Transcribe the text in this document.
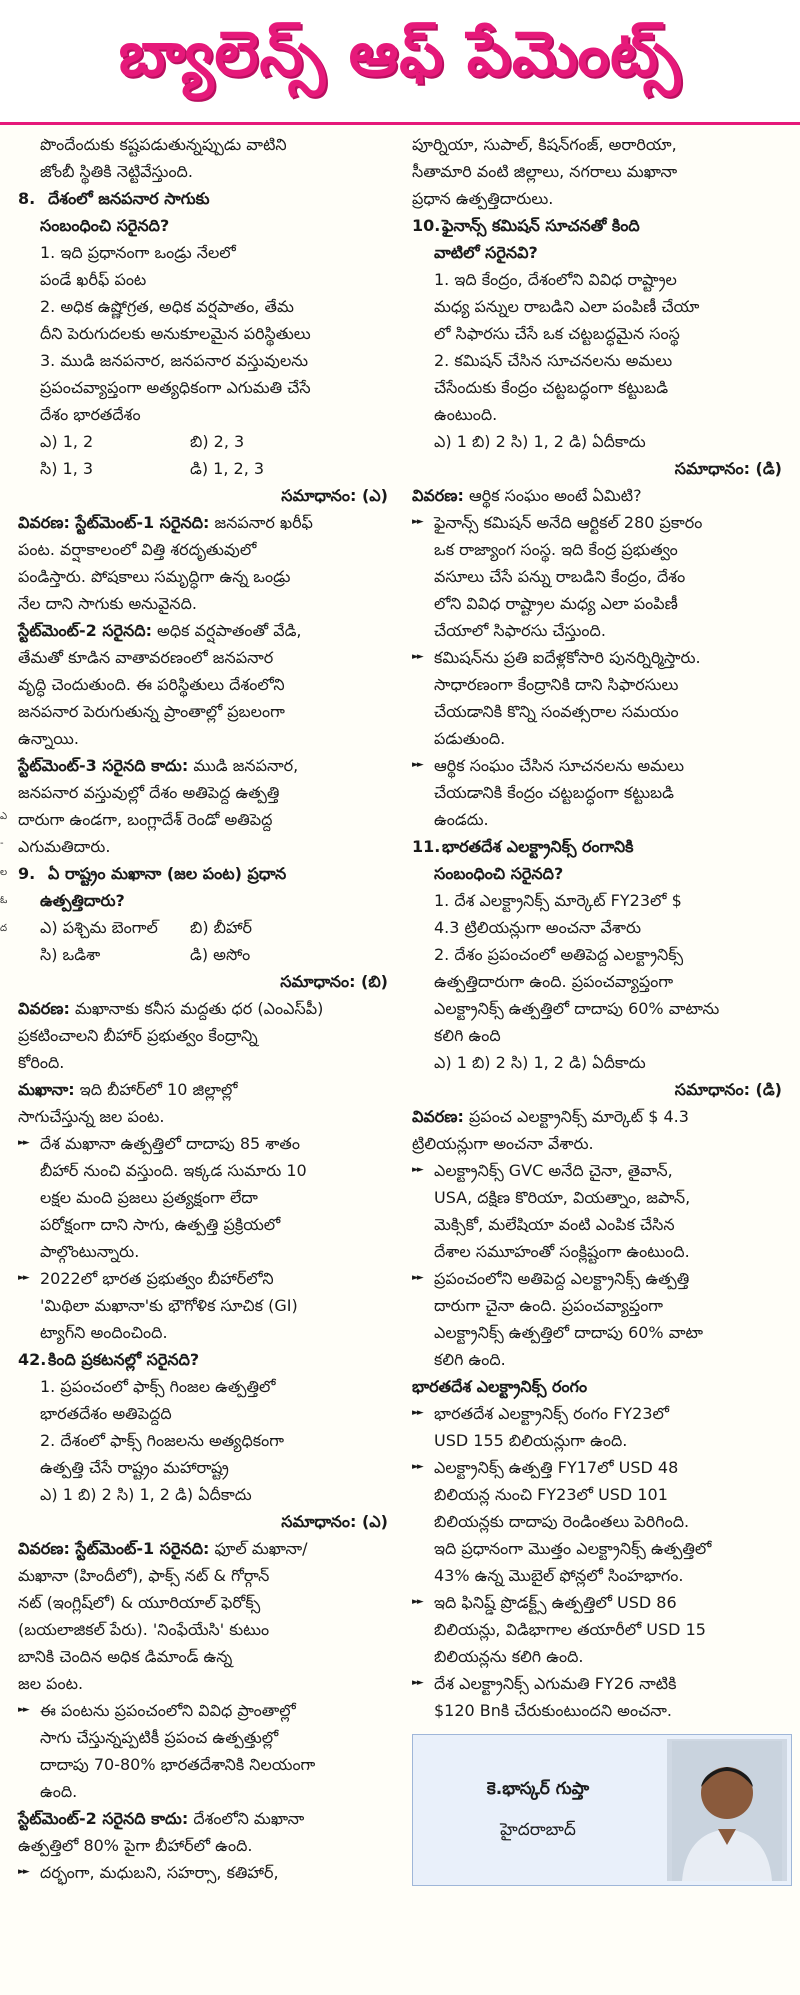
బ్యాలెన్స్ ఆఫ్ పేమెంట్స్
ఎ
-
ల
ఓ
ద

పొందేందుకు కష్టపడుతున్నప్పుడు వాటిని

జోంబీ స్థితికి నెట్టివేస్తుంది.

8. దేశంలో జనపనార సాగుకు

సంబంధించి సరైనది?

1. ఇది ప్రధానంగా ఒండ్రు నేలలో

పండే ఖరీఫ్ పంట

2. అధిక ఉష్ణోగ్రత, అధిక వర్షపాతం, తేమ

దీని పెరుగుదలకు అనుకూలమైన పరిస్థితులు

3. ముడి జనపనార, జనపనార వస్తువులను

ప్రపంచవ్యాప్తంగా అత్యధికంగా ఎగుమతి చేసే

దేశం భారతదేశం

ఎ) 1, 2	బి) 2, 3
సి) 1, 3	డి) 1, 2, 3

సమాధానం: (ఎ)

వివరణ: స్టేట్‌మెంట్-1 సరైనది: జనపనార ఖరీఫ్

పంట. వర్షాకాలంలో విత్తి శరదృతువులో

పండిస్తారు. పోషకాలు సమృద్ధిగా ఉన్న ఒండ్రు

నేల దాని సాగుకు అనువైనది.

స్టేట్‌మెంట్-2 సరైనది: అధిక వర్షపాతంతో వేడి,

తేమతో కూడిన వాతావరణంలో జనపనార

వృద్ధి చెందుతుంది. ఈ పరిస్థితులు దేశంలోని

జనపనార పెరుగుతున్న ప్రాంతాల్లో ప్రబలంగా

ఉన్నాయి.

స్టేట్‌మెంట్-3 సరైనది కాదు: ముడి జనపనార,

జనపనార వస్తువుల్లో దేశం అతిపెద్ద ఉత్పత్తి

దారుగా ఉండగా, బంగ్లాదేశ్ రెండో అతిపెద్ద

ఎగుమతిదారు.

9. ఏ రాష్ట్రం మఖానా (జల పంట) ప్రధాన

ఉత్పత్తిదారు?

ఎ) పశ్చిమ బెంగాల్	బి) బీహార్
సి) ఒడిశా	డి) అసోం

సమాధానం: (బి)

వివరణ: మఖానాకు కనీస మద్దతు ధర (ఎంఎస్‌పీ)

ప్రకటించాలని బీహార్ ప్రభుత్వం కేంద్రాన్ని

కోరింది.

మఖానా: ఇది బీహార్‌లో 10 జిల్లాల్లో

సాగుచేస్తున్న జల పంట.

►► దేశ మఖానా ఉత్పత్తిలో దాదాపు 85 శాతం

బీహార్ నుంచి వస్తుంది. ఇక్కడ సుమారు 10

లక్షల మంది ప్రజలు ప్రత్యక్షంగా లేదా

పరోక్షంగా దాని సాగు, ఉత్పత్తి ప్రక్రియలో

పాల్గొంటున్నారు.

►► 2022లో భారత ప్రభుత్వం బీహార్‌లోని

'మిథిలా మఖానా'కు భౌగోళిక సూచిక (GI)

ట్యాగ్‌ని అందించింది.

42. కింది ప్రకటనల్లో సరైనది?

1. ప్రపంచంలో ఫాక్స్ గింజల ఉత్పత్తిలో

భారతదేశం అతిపెద్దది

2. దేశంలో ఫాక్స్ గింజలను అత్యధికంగా

ఉత్పత్తి చేసే రాష్ట్రం మహారాష్ట్ర

ఎ) 1 బి) 2 సి) 1, 2 డి) ఏదీకాదు

సమాధానం: (ఎ)

వివరణ: స్టేట్‌మెంట్-1 సరైనది: ఫూల్ మఖానా/

మఖానా (హిందీలో), ఫాక్స్ నట్ & గోర్గాన్

నట్ (ఇంగ్లిష్‌లో) & యూరియాల్ ఫెరోక్స్

(బయలాజికల్ పేరు). 'నింఫేయేసి' కుటుం

బానికి చెందిన అధిక డిమాండ్ ఉన్న

జల పంట.

►► ఈ పంటను ప్రపంచంలోని వివిధ ప్రాంతాల్లో

సాగు చేస్తున్నప్పటికీ ప్రపంచ ఉత్పత్తుల్లో

దాదాపు 70-80% భారతదేశానికి నిలయంగా

ఉంది.

స్టేట్‌మెంట్-2 సరైనది కాదు: దేశంలోని మఖానా

ఉత్పత్తిలో 80% పైగా బీహార్‌లో ఉంది.

►► దర్భంగా, మధుబని, సహర్సా, కతిహార్,

పూర్నియా, సుపాల్, కిషన్‌గంజ్, అరారియా,

సీతామారి వంటి జిల్లాలు, నగరాలు మఖానా

ప్రధాన ఉత్పత్తిదారులు.

10. ఫైనాన్స్ కమిషన్ సూచనతో కింది

వాటిలో సరైనవి?

1. ఇది కేంద్రం, దేశంలోని వివిధ రాష్ట్రాల

మధ్య పన్నుల రాబడిని ఎలా పంపిణీ చేయా

లో సిఫారసు చేసే ఒక చట్టబద్ధమైన సంస్థ

2. కమిషన్ చేసిన సూచనలను అమలు

చేసేందుకు కేంద్రం చట్టబద్ధంగా కట్టుబడి

ఉంటుంది.

ఎ) 1 బి) 2 సి) 1, 2 డి) ఏదీకాదు

సమాధానం: (డి)

వివరణ: ఆర్థిక సంఘం అంటే ఏమిటి?

►► ఫైనాన్స్ కమిషన్ అనేది ఆర్టికల్ 280 ప్రకారం

ఒక రాజ్యాంగ సంస్థ. ఇది కేంద్ర ప్రభుత్వం

వసూలు చేసే పన్ను రాబడిని కేంద్రం, దేశం

లోని వివిధ రాష్ట్రాల మధ్య ఎలా పంపిణీ

చేయాలో సిఫారసు చేస్తుంది.

►► కమిషన్‌ను ప్రతి ఐదేళ్లకోసారి పునర్నిర్మిస్తారు.

సాధారణంగా కేంద్రానికి దాని సిఫారసులు

చేయడానికి కొన్ని సంవత్సరాల సమయం

పడుతుంది.

►► ఆర్థిక సంఘం చేసిన సూచనలను అమలు

చేయడానికి కేంద్రం చట్టబద్ధంగా కట్టుబడి

ఉండదు.

11. భారతదేశ ఎలక్ట్రానిక్స్ రంగానికి

సంబంధించి సరైనది?

1. దేశ ఎలక్ట్రానిక్స్ మార్కెట్ FY23లో $

4.3 ట్రిలియన్లుగా అంచనా వేశారు

2. దేశం ప్రపంచంలో అతిపెద్ద ఎలక్ట్రానిక్స్

ఉత్పత్తిదారుగా ఉంది. ప్రపంచవ్యాప్తంగా

ఎలక్ట్రానిక్స్ ఉత్పత్తిలో దాదాపు 60% వాటాను

కలిగి ఉంది

ఎ) 1 బి) 2 సి) 1, 2 డి) ఏదీకాదు

సమాధానం: (డి)

వివరణ: ప్రపంచ ఎలక్ట్రానిక్స్ మార్కెట్ $ 4.3

ట్రిలియన్లుగా అంచనా వేశారు.

►► ఎలక్ట్రానిక్స్ GVC అనేది చైనా, తైవాన్,

USA, దక్షిణ కొరియా, వియత్నాం, జపాన్,

మెక్సికో, మలేషియా వంటి ఎంపిక చేసిన

దేశాల సమూహంతో సంక్లిష్టంగా ఉంటుంది.

►► ప్రపంచంలోని అతిపెద్ద ఎలక్ట్రానిక్స్ ఉత్పత్తి

దారుగా చైనా ఉంది. ప్రపంచవ్యాప్తంగా

ఎలక్ట్రానిక్స్ ఉత్పత్తిలో దాదాపు 60% వాటా

కలిగి ఉంది.

భారతదేశ ఎలక్ట్రానిక్స్ రంగం

►► భారతదేశ ఎలక్ట్రానిక్స్ రంగం FY23లో

USD 155 బిలియన్లుగా ఉంది.

►► ఎలక్ట్రానిక్స్ ఉత్పత్తి FY17లో USD 48

బిలియన్ల నుంచి FY23లో USD 101

బిలియన్లకు దాదాపు రెండింతలు పెరిగింది.

ఇది ప్రధానంగా మొత్తం ఎలక్ట్రానిక్స్ ఉత్పత్తిలో

43% ఉన్న మొబైల్ ఫోన్లలో సింహభాగం.

►► ఇది ఫినిష్డ్ ప్రొడక్ట్స్ ఉత్పత్తిలో USD 86

బిలియన్లు, విడిభాగాల తయారీలో USD 15

బిలియన్లను కలిగి ఉంది.

►► దేశ ఎలక్ట్రానిక్స్ ఎగుమతి FY26 నాటికి

$120 Bnకి చేరుకుంటుందని అంచనా.

కె.భాస్కర్ గుప్తా
హైదరాబాద్
